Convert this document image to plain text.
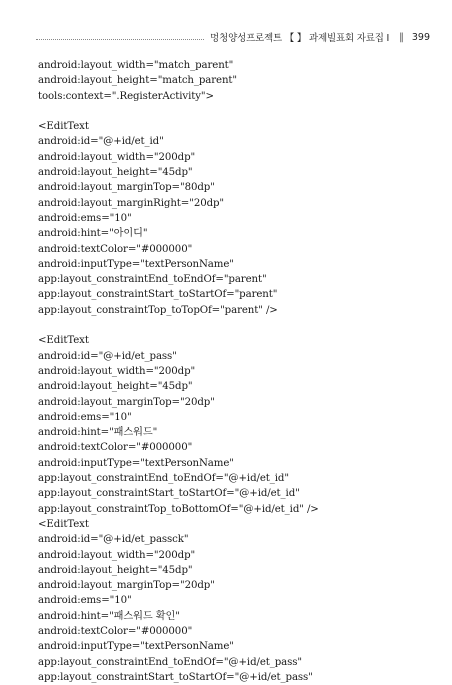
멍청양성프로젝트 【 】 과제빌표회 자료집 Ⅰ ‖ 399
android:layout_width="match_parent"
android:layout_height="match_parent"
tools:context=".RegisterActivity">
<EditText
android:id="@+id/et_id"
android:layout_width="200dp"
android:layout_height="45dp"
android:layout_marginTop="80dp"
android:layout_marginRight="20dp"
android:ems="10"
android:hint="아이디"
android:textColor="#000000"
android:inputType="textPersonName"
app:layout_constraintEnd_toEndOf="parent"
app:layout_constraintStart_toStartOf="parent"
app:layout_constraintTop_toTopOf="parent" />
<EditText
android:id="@+id/et_pass"
android:layout_width="200dp"
android:layout_height="45dp"
android:layout_marginTop="20dp"
android:ems="10"
android:hint="패스워드"
android:textColor="#000000"
android:inputType="textPersonName"
app:layout_constraintEnd_toEndOf="@+id/et_id"
app:layout_constraintStart_toStartOf="@+id/et_id"
app:layout_constraintTop_toBottomOf="@+id/et_id" />
<EditText
android:id="@+id/et_passck"
android:layout_width="200dp"
android:layout_height="45dp"
android:layout_marginTop="20dp"
android:ems="10"
android:hint="패스워드 확인"
android:textColor="#000000"
android:inputType="textPersonName"
app:layout_constraintEnd_toEndOf="@+id/et_pass"
app:layout_constraintStart_toStartOf="@+id/et_pass"
